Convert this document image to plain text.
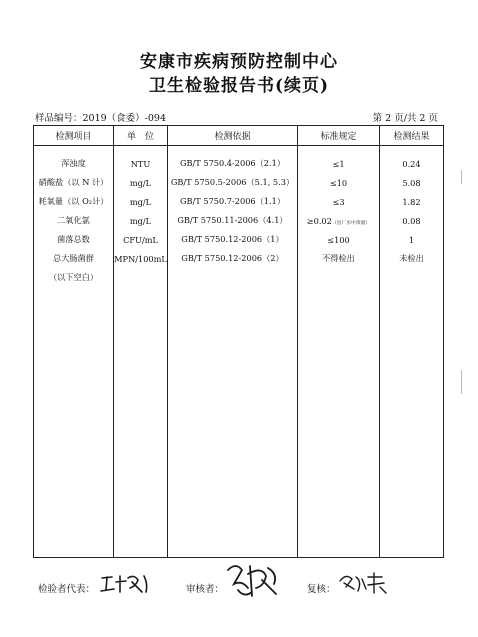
安康市疾病预防控制中心
卫生检验报告书(续页)
样品编号：2019（食委）-094	第 2 页/共 2 页
检测项目	单　位	检测依据	标准规定	检测结果

浑浊度	NTU	GB/T 5750.4-2006（2.1）	≤1	0.24
硝酸盐（以 N 计）	mg/L	GB/T 5750.5-2006（5.1, 5.3）	≤10	5.08
耗氧量（以 O₂计）	mg/L	GB/T 5750.7-2006（1.1）	≤3	1.82
二氧化氯	mg/L	GB/T 5750.11-2006（4.1）	≥0.02（出厂水中余量）	0.08
菌落总数	CFU/mL	GB/T 5750.12-2006（1）	≤100	1
总大肠菌群	MPN/100mL	GB/T 5750.12-2006（2）	不得检出	未检出
（以下空白）				

检验者代表：
王栢
审核者：
刘静
复核：
余小年
